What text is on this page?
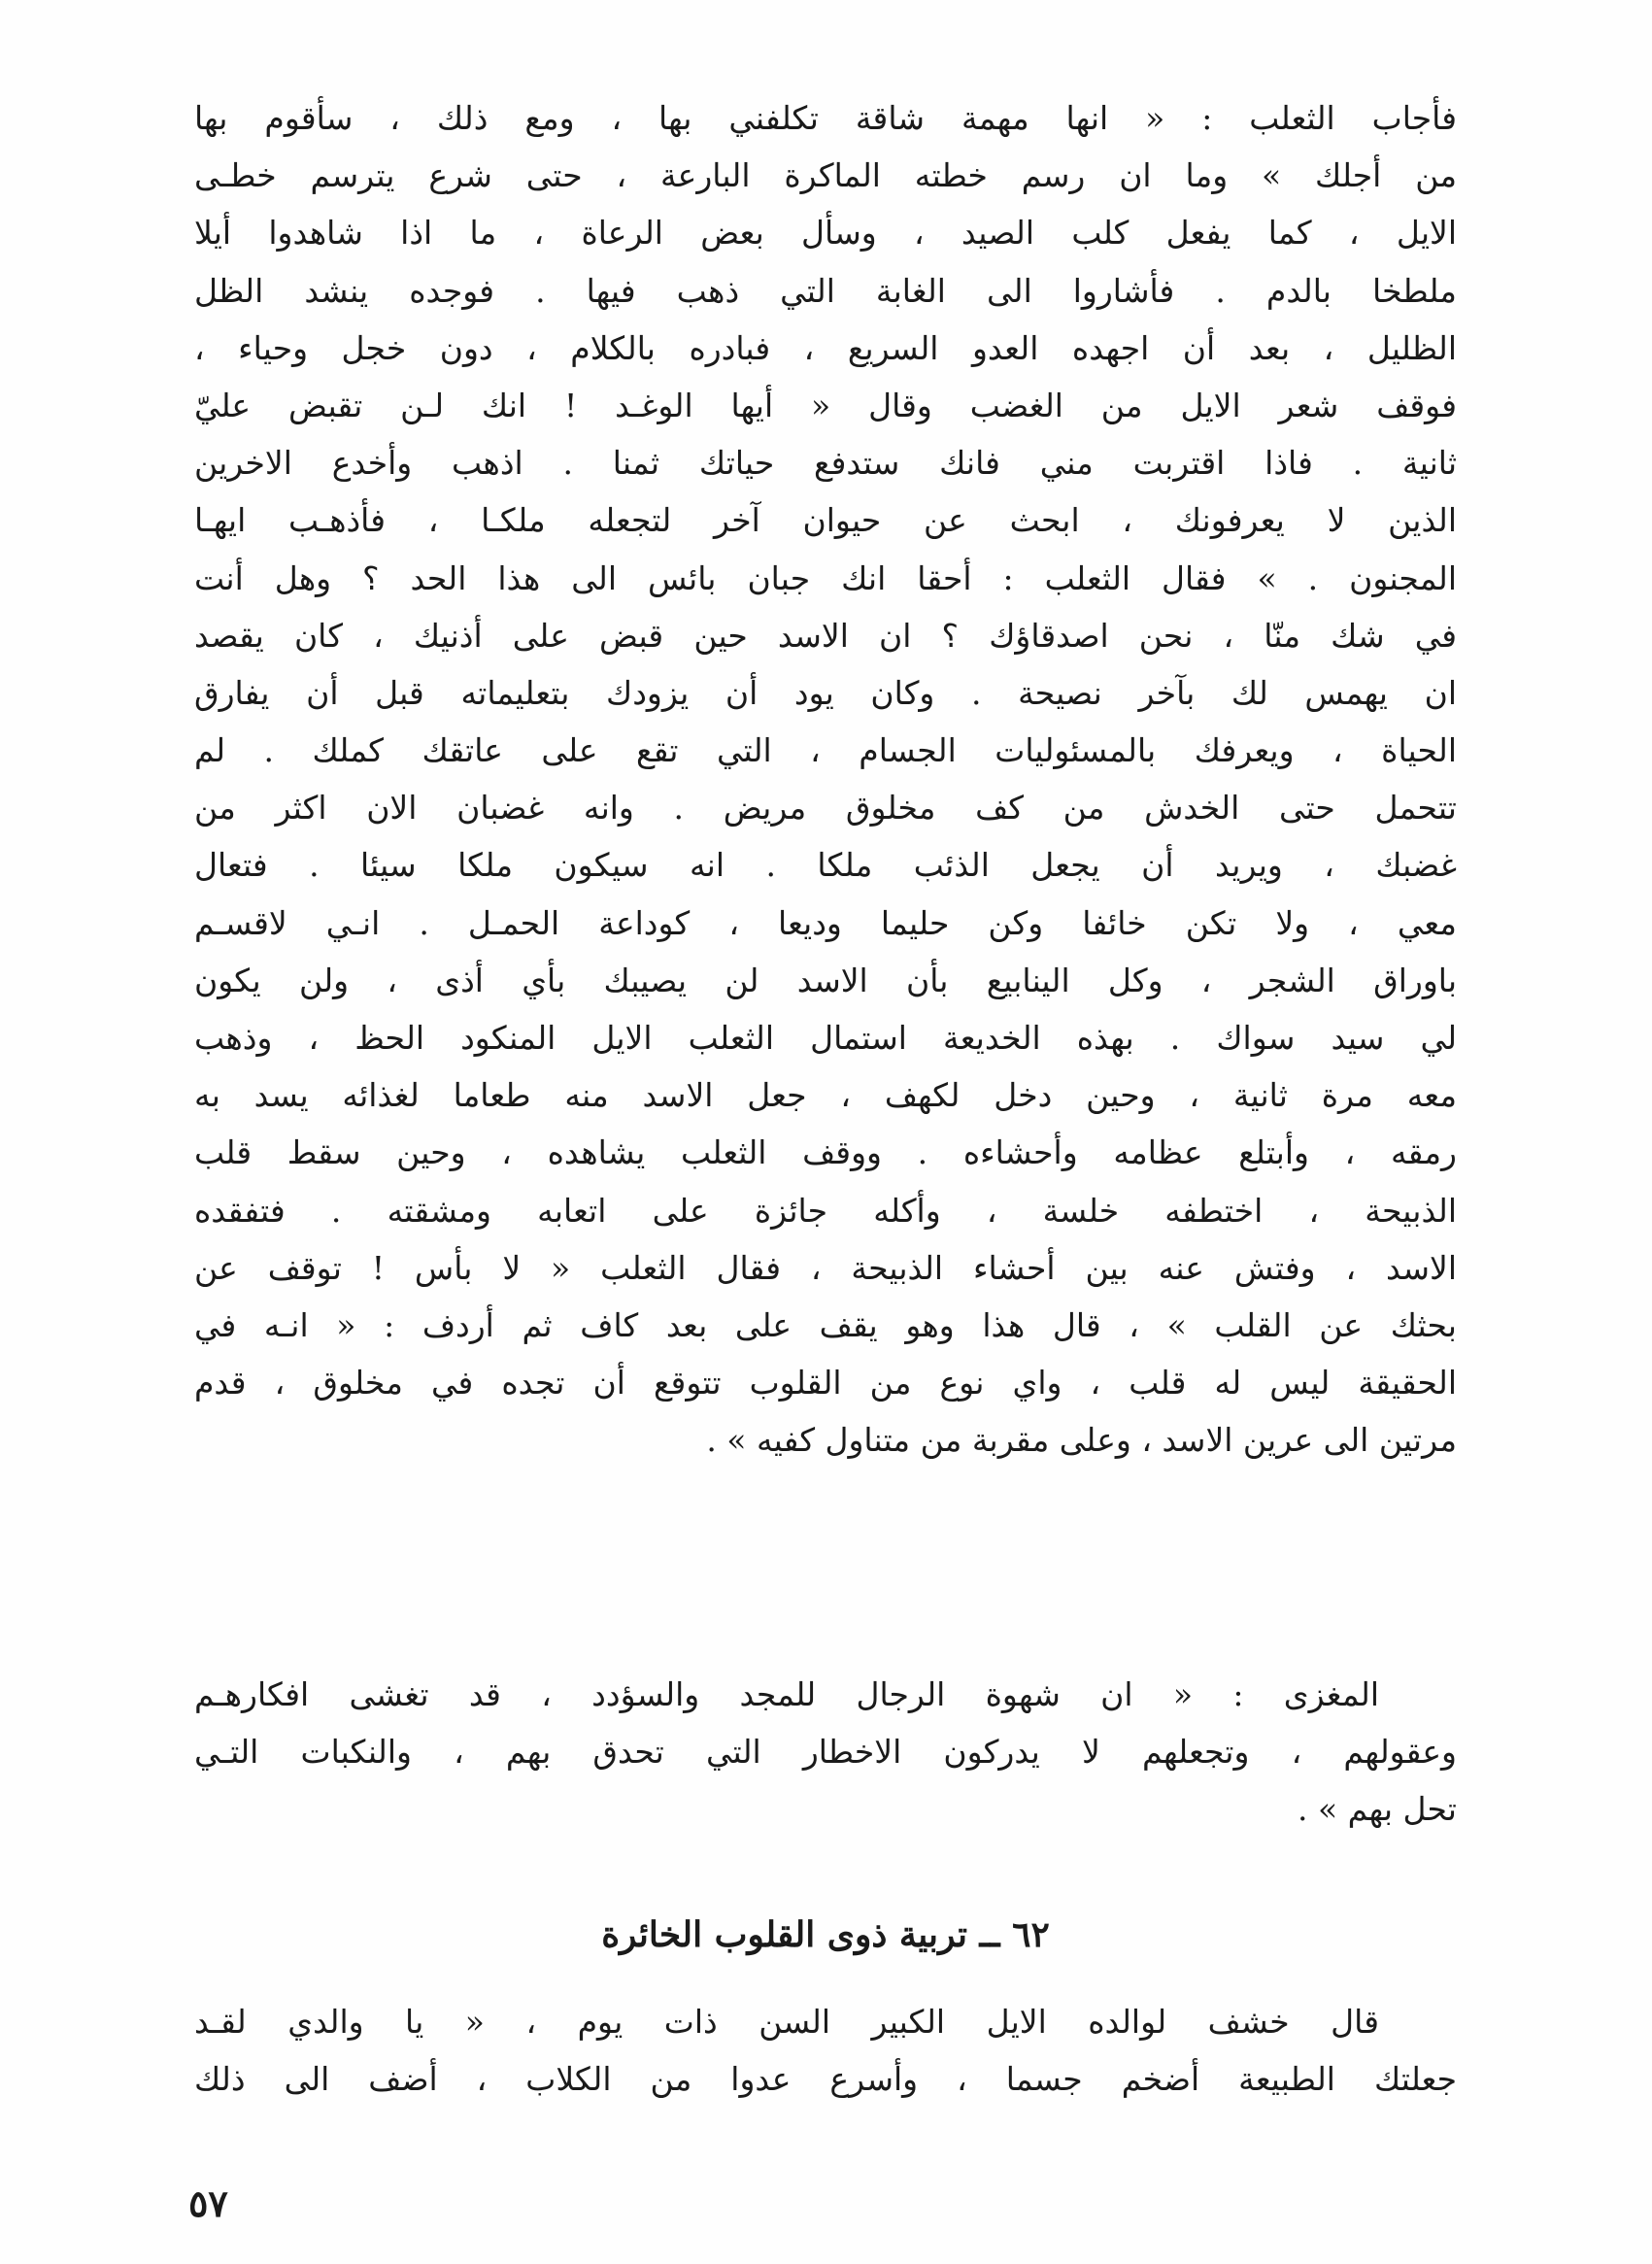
فأجاب الثعلب : « انها مهمة شاقة تكلفني بها ، ومع ذلك ، سأقوم بها
من أجلك » وما ان رسم خطته الماكرة البارعة ، حتى شرع يترسم خطـى
الايل ، كما يفعل كلب الصيد ، وسأل بعض الرعاة ، ما اذا شاهدوا أيلا
ملطخا بالدم . فأشاروا الى الغابة التي ذهب فيها . فوجده ينشد الظل
الظليل ، بعد أن اجهده العدو السريع ، فبادره بالكلام ، دون خجل وحياء ،
فوقف شعر الايل من الغضب وقال « أيها الوغـد ! انك لـن تقبض عليّ
ثانية . فاذا اقتربت مني فانك ستدفع حياتك ثمنا . اذهب وأخدع الاخرين
الذين لا يعرفونك ، ابحث عن حيوان آخر لتجعله ملكـا ، فأذهـب ايهـا
المجنون . » فقال الثعلب : أحقا انك جبان بائس الى هذا الحد ؟ وهل أنت
في شك منّا ، نحن اصدقاؤك ؟ ان الاسد حين قبض على أذنيك ، كان يقصد
ان يهمس لك بآخر نصيحة . وكان يود أن يزودك بتعليماته قبل أن يفارق
الحياة ، ويعرفك بالمسئوليات الجسام ، التي تقع على عاتقك كملك . لم
تتحمل حتى الخدش من كف مخلوق مريض . وانه غضبان الان اكثر من
غضبك ، ويريد أن يجعل الذئب ملكا . انه سيكون ملكا سيئا . فتعال
معي ، ولا تكن خائفا وكن حليما وديعا ، كوداعة الحمـل . انـي لاقسـم
باوراق الشجر ، وكل الينابيع بأن الاسد لن يصيبك بأي أذى ، ولن يكون
لي سيد سواك . بهذه الخديعة استمال الثعلب الايل المنكود الحظ ، وذهب
معه مرة ثانية ، وحين دخل لكهف ، جعل الاسد منه طعاما لغذائه يسد به
رمقه ، وأبتلع عظامه وأحشاءه . ووقف الثعلب يشاهده ، وحين سقط قلب
الذبيحة ، اختطفه خلسة ، وأكله جائزة على اتعابه ومشقته . فتفقده
الاسد ، وفتش عنه بين أحشاء الذبيحة ، فقال الثعلب « لا بأس ! توقف عن
بحثك عن القلب » ، قال هذا وهو يقف على بعد كاف ثم أردف : « انـه في
الحقيقة ليس له قلب ، واي نوع من القلوب تتوقع أن تجده في مخلوق ، قدم
مرتين الى عرين الاسد ، وعلى مقربة من متناول كفيه » .
المغزى : « ان شهوة الرجال للمجد والسؤدد ، قد تغشى افكارهـم
وعقولهم ، وتجعلهم لا يدركون الاخطار التي تحدق بهم ، والنكبات التـي
تحل بهم » .
٦٢ ــ تربية ذوى القلوب الخائرة
قال خشف لوالده الايل الكبير السن ذات يوم ، « يا والدي لقـد
جعلتك الطبيعة أضخم جسما ، وأسرع عدوا من الكلاب ، أضف الى ذلك
٥٧
